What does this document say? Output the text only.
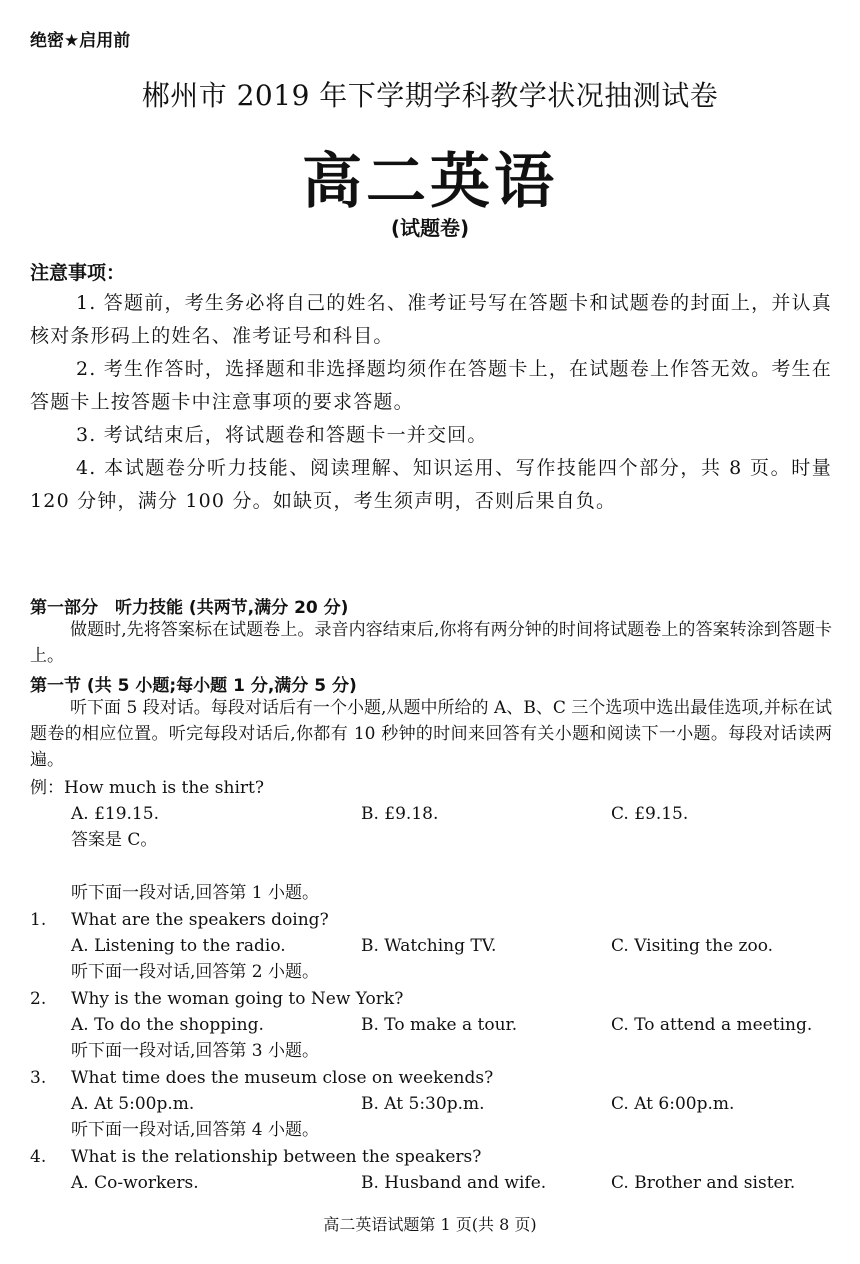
绝密★启用前
郴州市 2019 年下学期学科教学状况抽测试卷
高二英语
(试题卷)
注意事项：
1. 答题前，考生务必将自己的姓名、准考证号写在答题卡和试题卷的封面上，并认真核对条形码上的姓名、准考证号和科目。
2. 考生作答时，选择题和非选择题均须作在答题卡上，在试题卷上作答无效。考生在答题卡上按答题卡中注意事项的要求答题。
3. 考试结束后，将试题卷和答题卡一并交回。
4. 本试题卷分听力技能、阅读理解、知识运用、写作技能四个部分，共 8 页。时量 120 分钟，满分 100 分。如缺页，考生须声明，否则后果自负。
第一部分　听力技能 (共两节,满分 20 分)
做题时,先将答案标在试题卷上。录音内容结束后,你将有两分钟的时间将试题卷上的答案转涂到答题卡上。
第一节 (共 5 小题;每小题 1 分,满分 5 分)
听下面 5 段对话。每段对话后有一个小题,从题中所给的 A、B、C 三个选项中选出最佳选项,并标在试题卷的相应位置。听完每段对话后,你都有 10 秒钟的时间来回答有关小题和阅读下一小题。每段对话读两遍。
例：How much is the shirt?
A. £19.15.	B. £9.18.	C. £9.15.
答案是 C。
听下面一段对话,回答第 1 小题。
1. What are the speakers doing?
A. Listening to the radio.	B. Watching TV.	C. Visiting the zoo.
听下面一段对话,回答第 2 小题。
2. Why is the woman going to New York?
A. To do the shopping.	B. To make a tour.	C. To attend a meeting.
听下面一段对话,回答第 3 小题。
3. What time does the museum close on weekends?
A. At 5:00p.m.	B. At 5:30p.m.	C. At 6:00p.m.
听下面一段对话,回答第 4 小题。
4. What is the relationship between the speakers?
A. Co-workers.	B. Husband and wife.	C. Brother and sister.
高二英语试题第 1 页(共 8 页)
